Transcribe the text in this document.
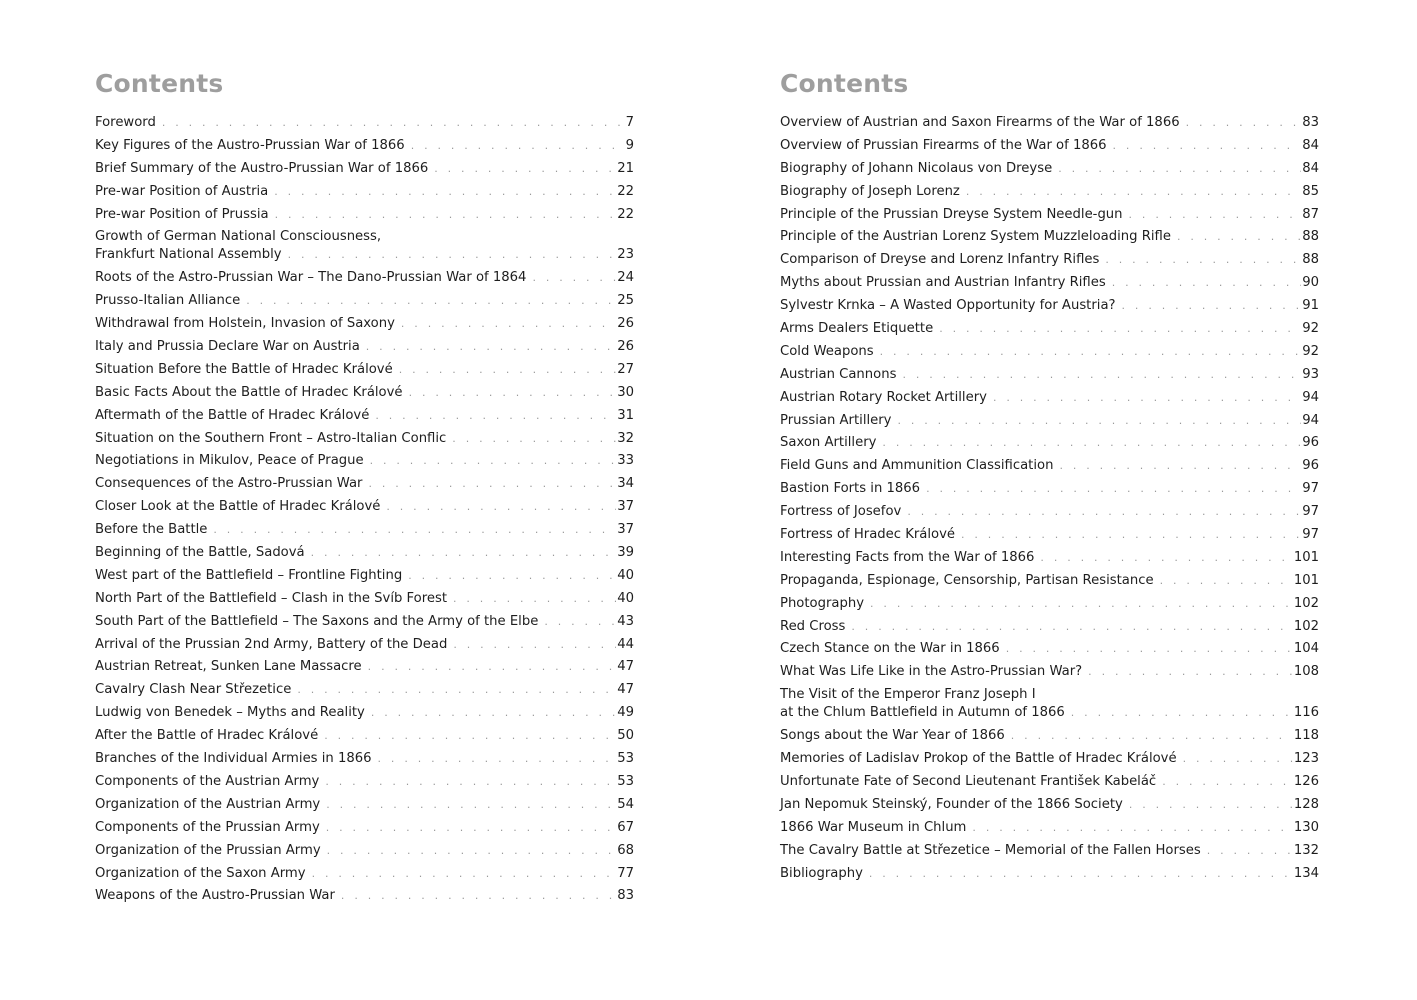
Contents
Foreword . . .	7
Key Figures of the Austro-Prussian War of 1866 . . .	9
Brief Summary of the Austro-Prussian War of 1866 . . .	21
Pre-war Position of Austria . . .	22
Pre-war Position of Prussia . . .	22
Growth of German National Consciousness,
Frankfurt National Assembly . . .	23
Roots of the Astro-Prussian War – The Dano-Prussian War of 1864 . . .	24
Prusso-Italian Alliance . . .	25
Withdrawal from Holstein, Invasion of Saxony . . .	26
Italy and Prussia Declare War on Austria . . .	26
Situation Before the Battle of Hradec Králové . . .	27
Basic Facts About the Battle of Hradec Králové . . .	30
Aftermath of the Battle of Hradec Králové . . .	31
Situation on the Southern Front – Astro-Italian Conflic . . .	32
Negotiations in Mikulov, Peace of Prague . . .	33
Consequences of the Astro-Prussian War . . .	34
Closer Look at the Battle of Hradec Králové . . .	37
Before the Battle . . .	37
Beginning of the Battle, Sadová . . .	39
West part of the Battlefield – Frontline Fighting . . .	40
North Part of the Battlefield – Clash in the Svíb Forest . . .	40
South Part of the Battlefield – The Saxons and the Army of the Elbe . . .	43
Arrival of the Prussian 2nd Army, Battery of the Dead . . .	44
Austrian Retreat, Sunken Lane Massacre . . .	47
Cavalry Clash Near Střezetice . . .	47
Ludwig von Benedek – Myths and Reality . . .	49
After the Battle of Hradec Králové . . .	50
Branches of the Individual Armies in 1866 . . .	53
Components of the Austrian Army . . .	53
Organization of the Austrian Army . . .	54
Components of the Prussian Army . . .	67
Organization of the Prussian Army . . .	68
Organization of the Saxon Army . . .	77
Weapons of the Austro-Prussian War . . .	83
Contents
Overview of Austrian and Saxon Firearms of the War of 1866 . . .	83
Overview of Prussian Firearms of the War of 1866 . . .	84
Biography of Johann Nicolaus von Dreyse . . .	84
Biography of Joseph Lorenz . . .	85
Principle of the Prussian Dreyse System Needle-gun . . .	87
Principle of the Austrian Lorenz System Muzzleloading Rifle . . .	88
Comparison of Dreyse and Lorenz Infantry Rifles . . .	88
Myths about Prussian and Austrian Infantry Rifles . . .	90
Sylvestr Krnka – A Wasted Opportunity for Austria? . . .	91
Arms Dealers Etiquette . . .	92
Cold Weapons . . .	92
Austrian Cannons . . .	93
Austrian Rotary Rocket Artillery . . .	94
Prussian Artillery . . .	94
Saxon Artillery . . .	96
Field Guns and Ammunition Classification . . .	96
Bastion Forts in 1866 . . .	97
Fortress of Josefov . . .	97
Fortress of Hradec Králové . . .	97
Interesting Facts from the War of 1866 . . .	101
Propaganda, Espionage, Censorship, Partisan Resistance . . .	101
Photography . . .	102
Red Cross . . .	102
Czech Stance on the War in 1866 . . .	104
What Was Life Like in the Astro-Prussian War? . . .	108
The Visit of the Emperor Franz Joseph I
at the Chlum Battlefield in Autumn of 1866 . . .	116
Songs about the War Year of 1866 . . .	118
Memories of Ladislav Prokop of the Battle of Hradec Králové . . .	123
Unfortunate Fate of Second Lieutenant František Kabeláč . . .	126
Jan Nepomuk Steinský, Founder of the 1866 Society . . .	128
1866 War Museum in Chlum . . .	130
The Cavalry Battle at Střezetice – Memorial of the Fallen Horses . . .	132
Bibliography . . .	134
